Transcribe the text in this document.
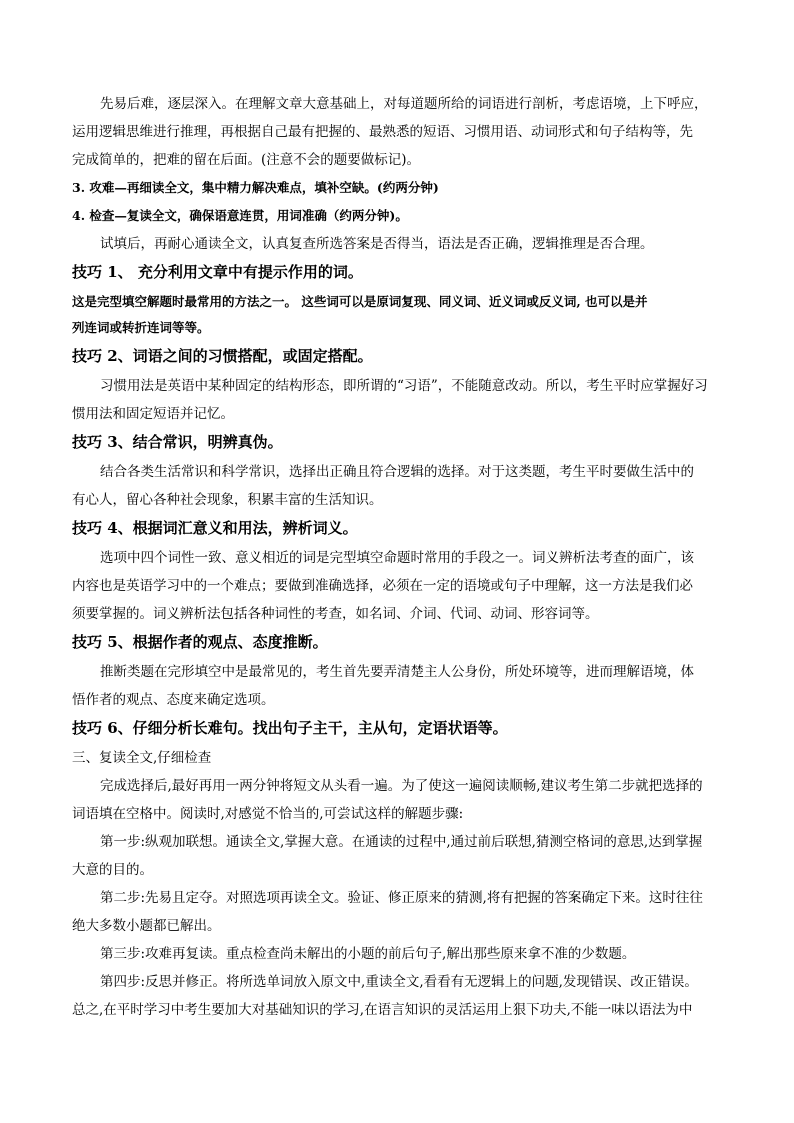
先易后难，逐层深入。在理解文章大意基础上，对每道题所给的词语进行剖析，考虑语境，上下呼应，
运用逻辑思维进行推理，再根据自己最有把握的、最熟悉的短语、习惯用语、动词形式和句子结构等，先
完成简单的，把难的留在后面。(注意不会的题要做标记)。
3. 攻难—再细读全文，集中精力解决难点，填补空缺。(约两分钟)
4. 检查—复读全文，确保语意连贯，用词准确（约两分钟)。
试填后，再耐心通读全文，认真复查所选答案是否得当，语法是否正确，逻辑推理是否合理。
技巧 1、 充分利用文章中有提示作用的词。
这是完型填空解题时最常用的方法之一。 这些词可以是原词复现、同义词、近义词或反义词, 也可以是并
列连词或转折连词等等。
技巧 2、词语之间的习惯搭配，或固定搭配。
习惯用法是英语中某种固定的结构形态，即所谓的“习语”，不能随意改动。所以，考生平时应掌握好习
惯用法和固定短语并记忆。
技巧 3、结合常识，明辨真伪。
结合各类生活常识和科学常识，选择出正确且符合逻辑的选择。对于这类题，考生平时要做生活中的
有心人，留心各种社会现象，积累丰富的生活知识。
技巧 4、根据词汇意义和用法，辨析词义。
选项中四个词性一致、意义相近的词是完型填空命题时常用的手段之一。词义辨析法考查的面广，该
内容也是英语学习中的一个难点；要做到准确选择，必须在一定的语境或句子中理解，这一方法是我们必
须要掌握的。词义辨析法包括各种词性的考查，如名词、介词、代词、动词、形容词等。
技巧 5、根据作者的观点、态度推断。
推断类题在完形填空中是最常见的，考生首先要弄清楚主人公身份，所处环境等，进而理解语境，体
悟作者的观点、态度来确定选项。
技巧 6、仔细分析长难句。找出句子主干，主从句，定语状语等。
三、复读全文,仔细检查
完成选择后,最好再用一两分钟将短文从头看一遍。为了使这一遍阅读顺畅,建议考生第二步就把选择的
词语填在空格中。阅读时,对感觉不恰当的,可尝试这样的解题步骤:
第一步:纵观加联想。通读全文,掌握大意。在通读的过程中,通过前后联想,猜测空格词的意思,达到掌握
大意的目的。
第二步:先易且定夺。对照选项再读全文。验证、修正原来的猜测,将有把握的答案确定下来。这时往往
绝大多数小题都已解出。
第三步:攻难再复读。重点检查尚未解出的小题的前后句子,解出那些原来拿不准的少数题。
第四步:反思并修正。将所选单词放入原文中,重读全文,看看有无逻辑上的问题,发现错误、改正错误。
总之,在平时学习中考生要加大对基础知识的学习,在语言知识的灵活运用上狠下功夫,不能一味以语法为中
